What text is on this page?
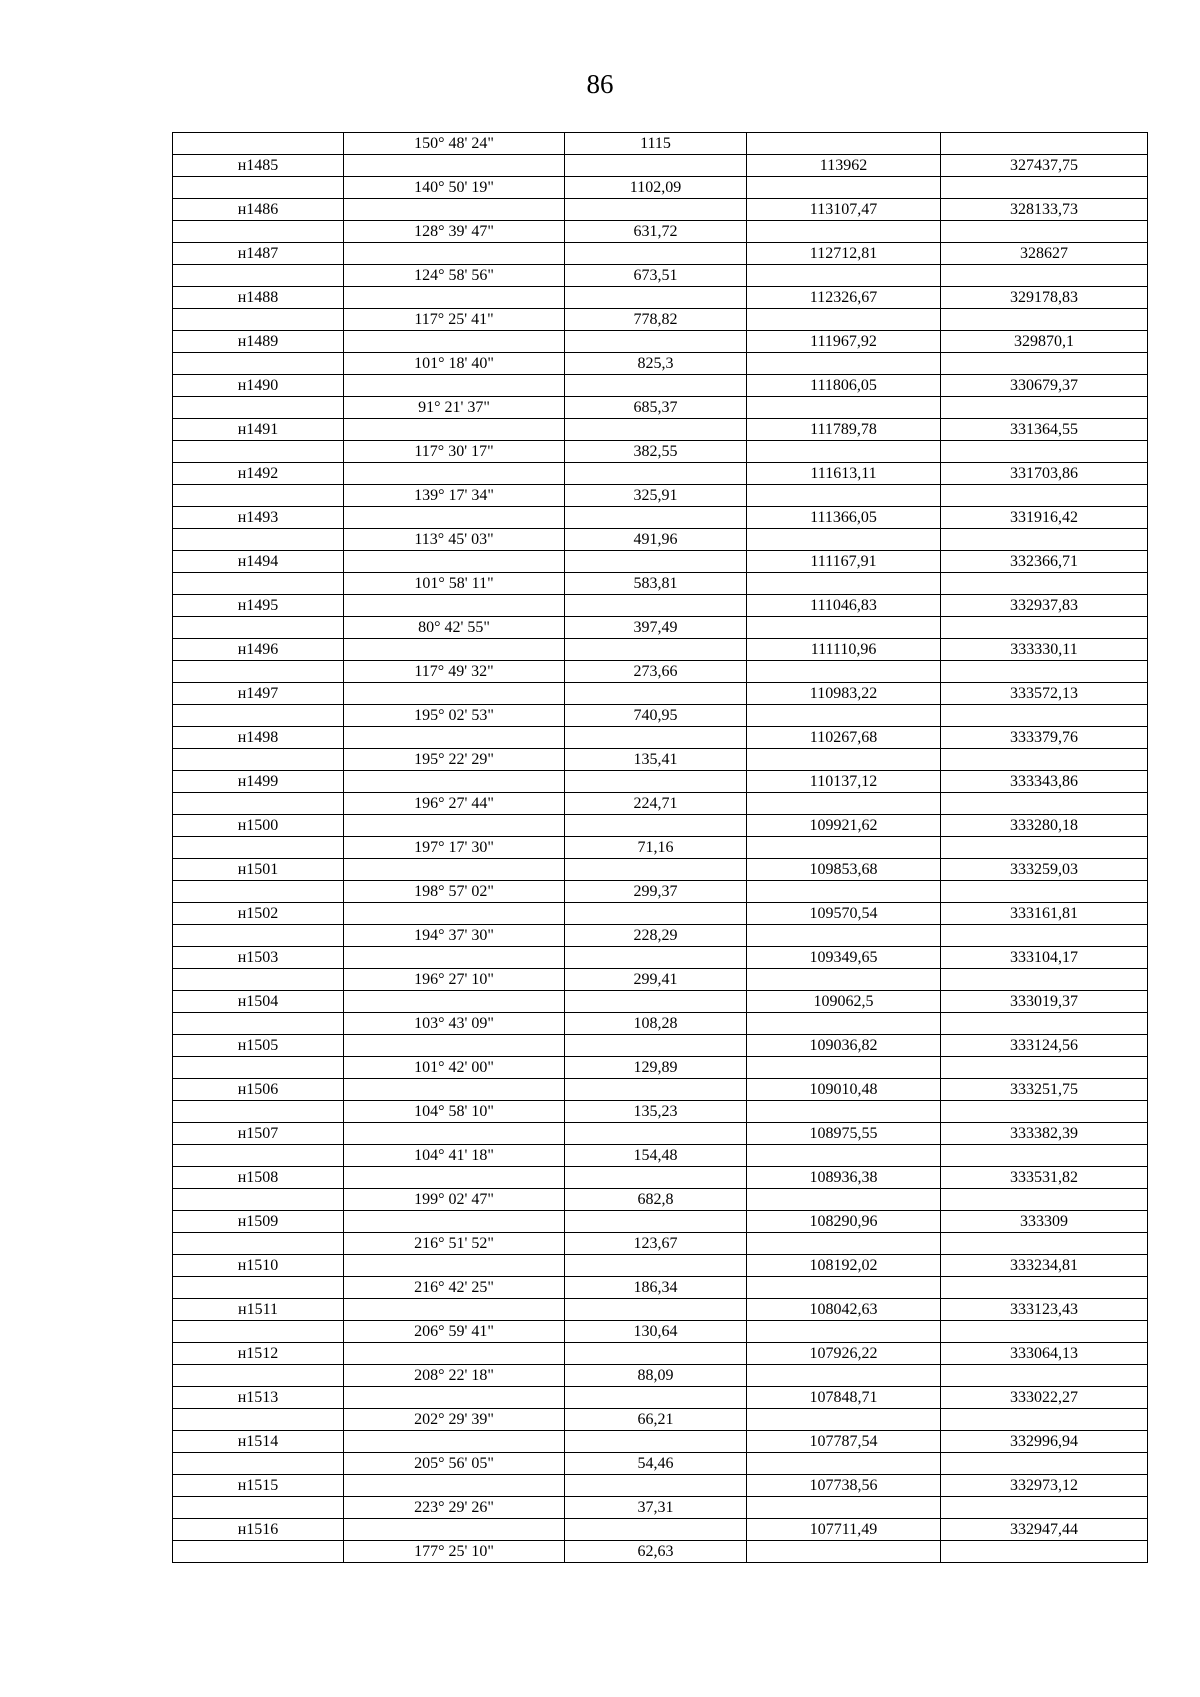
86
	150° 48' 24"	1115		
н1485			113962	327437,75
	140° 50' 19"	1102,09		
н1486			113107,47	328133,73
	128° 39' 47"	631,72		
н1487			112712,81	328627
	124° 58' 56"	673,51		
н1488			112326,67	329178,83
	117° 25' 41"	778,82		
н1489			111967,92	329870,1
	101° 18' 40"	825,3		
н1490			111806,05	330679,37
	91° 21' 37"	685,37		
н1491			111789,78	331364,55
	117° 30' 17"	382,55		
н1492			111613,11	331703,86
	139° 17' 34"	325,91		
н1493			111366,05	331916,42
	113° 45' 03"	491,96		
н1494			111167,91	332366,71
	101° 58' 11"	583,81		
н1495			111046,83	332937,83
	80° 42' 55"	397,49		
н1496			111110,96	333330,11
	117° 49' 32"	273,66		
н1497			110983,22	333572,13
	195° 02' 53"	740,95		
н1498			110267,68	333379,76
	195° 22' 29"	135,41		
н1499			110137,12	333343,86
	196° 27' 44"	224,71		
н1500			109921,62	333280,18
	197° 17' 30"	71,16		
н1501			109853,68	333259,03
	198° 57' 02"	299,37		
н1502			109570,54	333161,81
	194° 37' 30"	228,29		
н1503			109349,65	333104,17
	196° 27' 10"	299,41		
н1504			109062,5	333019,37
	103° 43' 09"	108,28		
н1505			109036,82	333124,56
	101° 42' 00"	129,89		
н1506			109010,48	333251,75
	104° 58' 10"	135,23		
н1507			108975,55	333382,39
	104° 41' 18"	154,48		
н1508			108936,38	333531,82
	199° 02' 47"	682,8		
н1509			108290,96	333309
	216° 51' 52"	123,67		
н1510			108192,02	333234,81
	216° 42' 25"	186,34		
н1511			108042,63	333123,43
	206° 59' 41"	130,64		
н1512			107926,22	333064,13
	208° 22' 18"	88,09		
н1513			107848,71	333022,27
	202° 29' 39"	66,21		
н1514			107787,54	332996,94
	205° 56' 05"	54,46		
н1515			107738,56	332973,12
	223° 29' 26"	37,31		
н1516			107711,49	332947,44
	177° 25' 10"	62,63		
